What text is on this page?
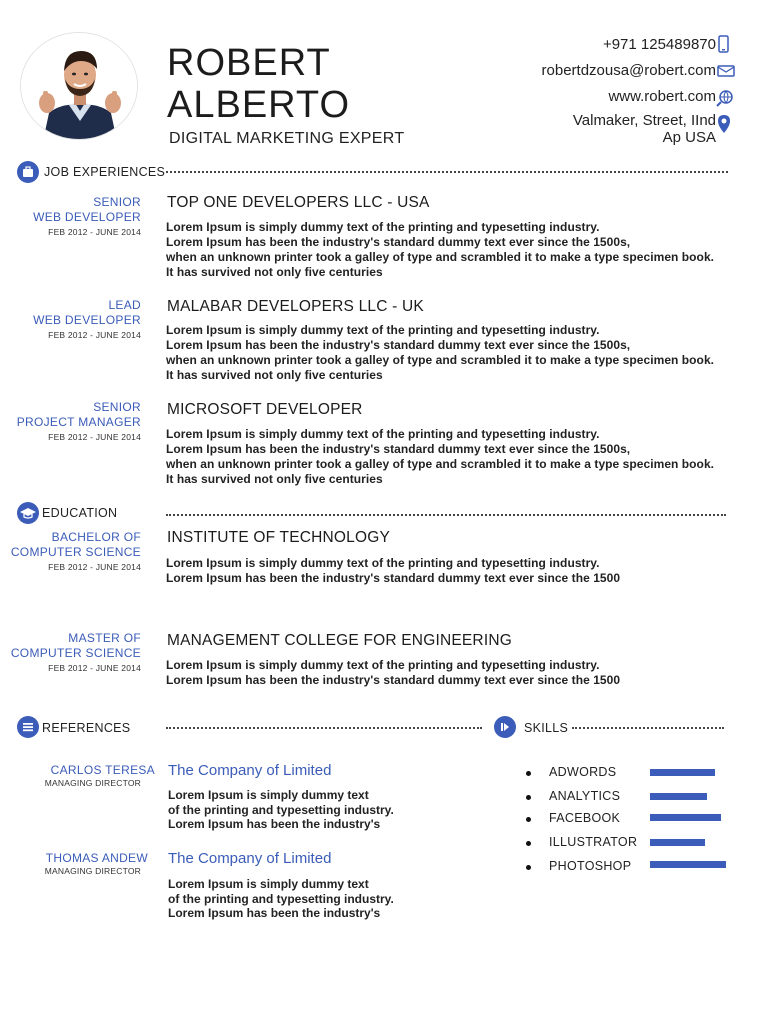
ROBERT
ALBERTO
DIGITAL MARKETING EXPERT
+971 125489870
robertdzousa@robert.com
www.robert.com
Valmaker, Street, IInd
Ap USA
JOB EXPERIENCES
SENIOR
WEB DEVELOPER
FEB 2012 - JUNE 2014
TOP ONE DEVELOPERS LLC - USA
Lorem Ipsum is simply dummy text of the printing and typesetting industry.
Lorem Ipsum has been the industry's standard dummy text ever since the 1500s,
when an unknown printer took a galley of type and scrambled it to make a type specimen book.
It has survived not only five centuries
LEAD
WEB DEVELOPER
FEB 2012 - JUNE 2014
MALABAR DEVELOPERS LLC - UK
Lorem Ipsum is simply dummy text of the printing and typesetting industry.
Lorem Ipsum has been the industry's standard dummy text ever since the 1500s,
when an unknown printer took a galley of type and scrambled it to make a type specimen book.
It has survived not only five centuries
SENIOR
PROJECT MANAGER
FEB 2012 - JUNE 2014
MICROSOFT DEVELOPER
Lorem Ipsum is simply dummy text of the printing and typesetting industry.
Lorem Ipsum has been the industry's standard dummy text ever since the 1500s,
when an unknown printer took a galley of type and scrambled it to make a type specimen book.
It has survived not only five centuries
EDUCATION
BACHELOR OF
COMPUTER SCIENCE
FEB 2012 - JUNE 2014
INSTITUTE OF TECHNOLOGY
Lorem Ipsum is simply dummy text of the printing and typesetting industry.
Lorem Ipsum has been the industry's standard dummy text ever since the 1500
MASTER OF
COMPUTER SCIENCE
FEB 2012 - JUNE 2014
MANAGEMENT COLLEGE FOR ENGINEERING
Lorem Ipsum is simply dummy text of the printing and typesetting industry.
Lorem Ipsum has been the industry's standard dummy text ever since the 1500
REFERENCES	SKILLS
CARLOS TERESA
MANAGING DIRECTOR
The Company of Limited
Lorem Ipsum is simply dummy text
of the printing and typesetting industry.
Lorem Ipsum has been the industry's
THOMAS ANDEW
MANAGING DIRECTOR
The Company of Limited
Lorem Ipsum is simply dummy text
of the printing and typesetting industry.
Lorem Ipsum has been the industry's
ADWORDS
ANALYTICS
FACEBOOK
ILLUSTRATOR
PHOTOSHOP
